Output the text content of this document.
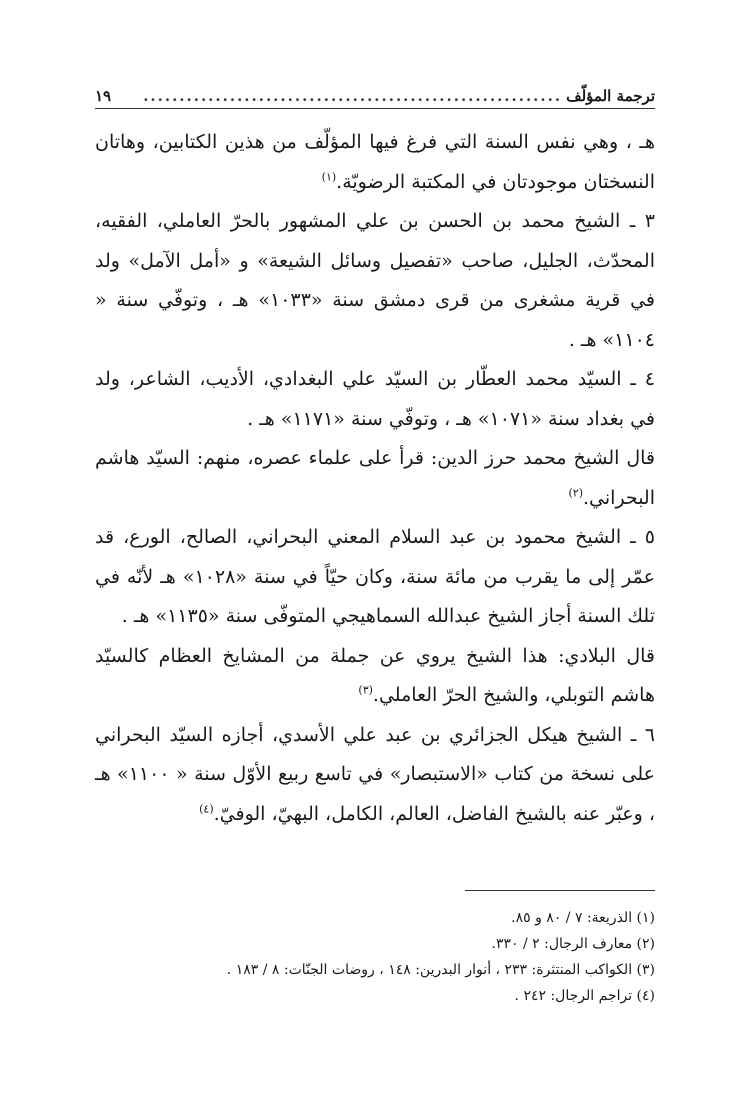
ترجمة المؤلّف
..........................................................
١٩

هـ ، وهي نفس السنة التي فرغ فيها المؤلّف من هذين الكتابين، وهاتان النسختان موجودتان في المكتبة الرضويّة.$^{(١)}$

٣ ـ الشيخ محمد بن الحسن بن علي المشهور بالحرّ العاملي، الفقيه، المحدّث، الجليل، صاحب «تفصيل وسائل الشيعة» و «أمل الآمل» ولد في قرية مشغرى من قرى دمشق سنة «١٠٣٣» هـ ، وتوفّي سنة « ١١٠٤» هـ .

٤ ـ السيّد محمد العطّار بن السيّد علي البغدادي، الأديب، الشاعر، ولد في بغداد سنة «١٠٧١» هـ ، وتوفّي سنة «١١٧١» هـ .

قال الشيخ محمد حرز الدين: قرأ على علماء عصره، منهم: السيّد هاشم البحراني.$^{(٢)}$

٥ ـ الشيخ محمود بن عبد السلام المعني البحراني، الصالح، الورع، قد عمّر إلى ما يقرب من مائة سنة، وكان حيّاً في سنة «١٠٢٨» هـ لأنّه في تلك السنة أجاز الشيخ عبدالله السماهيجي المتوفّى سنة «١١٣٥» هـ .

قال البلادي: هذا الشيخ يروي عن جملة من المشايخ العظام كالسيّد هاشم التوبلي، والشيخ الحرّ العاملي.$^{(٣)}$

٦ ـ الشيخ هيكل الجزائري بن عبد علي الأسدي، أجازه السيّد البحراني على نسخة من كتاب «الاستبصار» في تاسع ربيع الأوّل سنة « ١١٠٠» هـ ، وعبّر عنه بالشيخ الفاضل، العالم، الكامل، البهيّ، الوفيّ.$^{(٤)}$

(١) الذريعة: ٧ / ٨٠ و ٨٥.

(٢) معارف الرجال: ٢ / ٣٣٠.

(٣) الكواكب المنتثرة: ٢٣٣ ، أنوار البدرين: ١٤٨ ، روضات الجنّات: ٨ / ١٨٣ .

(٤) تراجم الرجال: ٢٤٢ .
